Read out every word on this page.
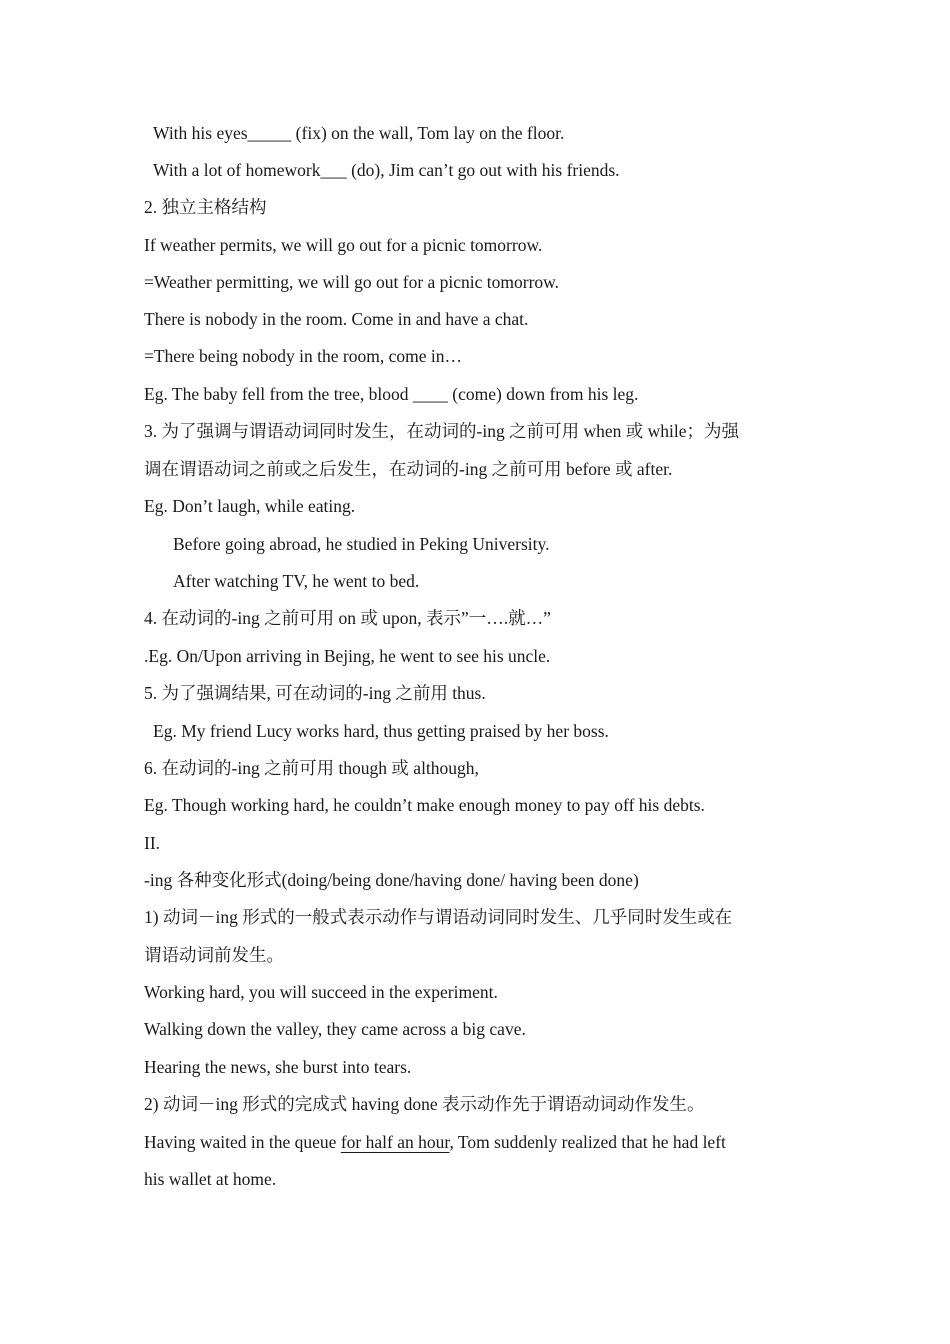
With his eyes_____ (fix) on the wall, Tom lay on the floor.
With a lot of homework___ (do), Jim can’t go out with his friends.
2. 独立主格结构
If weather permits, we will go out for a picnic tomorrow.
=Weather permitting, we will go out for a picnic tomorrow.
There is nobody in the room. Come in and have a chat.
=There being nobody in the room, come in…
Eg. The baby fell from the tree, blood ____ (come) down from his leg.
3. 为了强调与谓语动词同时发生，在动词的-ing 之前可用 when 或 while；为强
调在谓语动词之前或之后发生，在动词的-ing 之前可用 before 或 after.
Eg. Don’t laugh, while eating.
Before going abroad, he studied in Peking University.
After watching TV, he went to bed.
4. 在动词的-ing 之前可用 on 或 upon, 表示”一….就…”
.Eg. On/Upon arriving in Bejing, he went to see his uncle.
5. 为了强调结果, 可在动词的-ing 之前用 thus.
Eg. My friend Lucy works hard, thus getting praised by her boss.
6. 在动词的-ing 之前可用 though 或 although,
Eg. Though working hard, he couldn’t make enough money to pay off his debts.
II.
-ing 各种变化形式(doing/being done/having done/ having been done)
1) 动词－ing 形式的一般式表示动作与谓语动词同时发生、几乎同时发生或在
谓语动词前发生。
Working hard, you will succeed in the experiment.
Walking down the valley, they came across a big cave.
Hearing the news, she burst into tears.
2) 动词－ing 形式的完成式 having done 表示动作先于谓语动词动作发生。
Having waited in the queue for half an hour, Tom suddenly realized that he had left
his wallet at home.
